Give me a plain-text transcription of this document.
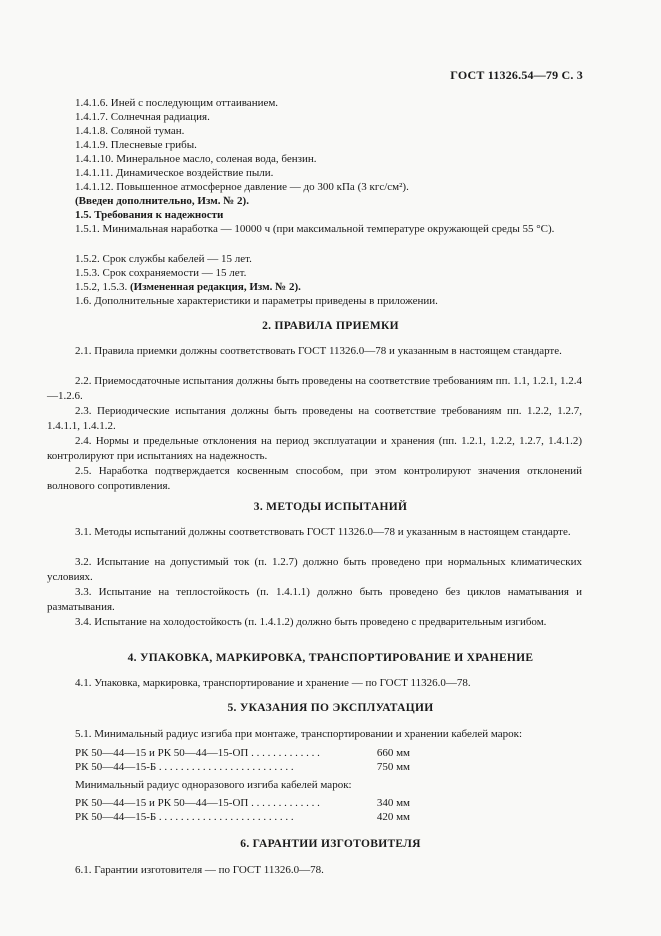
ГОСТ 11326.54—79 С. 3
1.4.1.6. Иней с последующим оттаиванием.
1.4.1.7. Солнечная радиация.
1.4.1.8. Соляной туман.
1.4.1.9. Плесневые грибы.
1.4.1.10. Минеральное масло, соленая вода, бензин.
1.4.1.11. Динамическое воздействие пыли.
1.4.1.12. Повышенное атмосферное давление — до 300 кПа (3 кгс/см²).
(Введен дополнительно, Изм. № 2).
1.5. Требования к надежности
1.5.1. Минимальная наработка — 10000 ч (при максимальной температуре окружающей среды 55 °С).
1.5.2. Срок службы кабелей — 15 лет.
1.5.3. Срок сохраняемости — 15 лет.
1.5.2, 1.5.3. (Измененная редакция, Изм. № 2).
1.6. Дополнительные характеристики и параметры приведены в приложении.
2. ПРАВИЛА ПРИЕМКИ
2.1. Правила приемки должны соответствовать ГОСТ 11326.0—78 и указанным в настоящем стандарте.
2.2. Приемосдаточные испытания должны быть проведены на соответствие требованиям пп. 1.1, 1.2.1, 1.2.4—1.2.6.
2.3. Периодические испытания должны быть проведены на соответствие требованиям пп. 1.2.2, 1.2.7, 1.4.1.1, 1.4.1.2.
2.4. Нормы и предельные отклонения на период эксплуатации и хранения (пп. 1.2.1, 1.2.2, 1.2.7, 1.4.1.2) контролируют при испытаниях на надежность.
2.5. Наработка подтверждается косвенным способом, при этом контролируют значения отклонений волнового сопротивления.
3. МЕТОДЫ ИСПЫТАНИЙ
3.1. Методы испытаний должны соответствовать ГОСТ 11326.0—78 и указанным в настоящем стандарте.
3.2. Испытание на допустимый ток (п. 1.2.7) должно быть проведено при нормальных климатических условиях.
3.3. Испытание на теплостойкость (п. 1.4.1.1) должно быть проведено без циклов наматывания и разматывания.
3.4. Испытание на холодостойкость (п. 1.4.1.2) должно быть проведено с предварительным изгибом.
4. УПАКОВКА, МАРКИРОВКА, ТРАНСПОРТИРОВАНИЕ И ХРАНЕНИЕ
4.1. Упаковка, маркировка, транспортирование и хранение — по ГОСТ 11326.0—78.
5. УКАЗАНИЯ ПО ЭКСПЛУАТАЦИИ
5.1. Минимальный радиус изгиба при монтаже, транспортировании и хранении кабелей марок:
РК 50—44—15 и РК 50—44—15-ОП . . . . . . . . . . . . .	660 мм
РК 50—44—15-Б . . . . . . . . . . . . . . . . . . . . . . . . .	750 мм
Минимальный радиус одноразового изгиба кабелей марок:
РК 50—44—15 и РК 50—44—15-ОП . . . . . . . . . . . . .	340 мм
РК 50—44—15-Б . . . . . . . . . . . . . . . . . . . . . . . . .	420 мм
6. ГАРАНТИИ ИЗГОТОВИТЕЛЯ
6.1. Гарантии изготовителя — по ГОСТ 11326.0—78.
